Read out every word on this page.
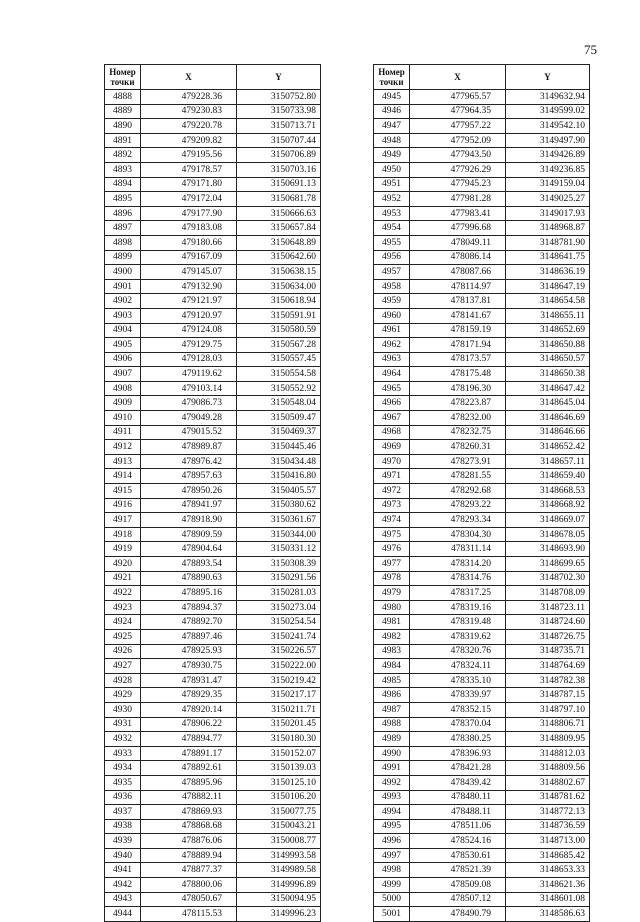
75
Номер точки	X	Y
4888	479228.36	3150752.80
4889	479230.83	3150733.98
4890	479220.78	3150713.71
4891	479209.82	3150707.44
4892	479195.56	3150706.89
4893	479178.57	3150703.16
4894	479171.80	3150691.13
4895	479172.04	3150681.78
4896	479177.90	3150666.63
4897	479183.08	3150657.84
4898	479180.66	3150648.89
4899	479167.09	3150642.60
4900	479145.07	3150638.15
4901	479132.90	3150634.00
4902	479121.97	3150618.94
4903	479120.97	3150591.91
4904	479124.08	3150580.59
4905	479129.75	3150567.28
4906	479128.03	3150557.45
4907	479119.62	3150554.58
4908	479103.14	3150552.92
4909	479086.73	3150548.04
4910	479049.28	3150509.47
4911	479015.52	3150469.37
4912	478989.87	3150445.46
4913	478976.42	3150434.48
4914	478957.63	3150416.80
4915	478950.26	3150405.57
4916	478941.97	3150380.62
4917	478918.90	3150361.67
4918	478909.59	3150344.00
4919	478904.64	3150331.12
4920	478893.54	3150308.39
4921	478890.63	3150291.56
4922	478895.16	3150281.03
4923	478894.37	3150273.04
4924	478892.70	3150254.54
4925	478897.46	3150241.74
4926	478925.93	3150226.57
4927	478930.75	3150222.00
4928	478931.47	3150219.42
4929	478929.35	3150217.17
4930	478920.14	3150211.71
4931	478906.22	3150201.45
4932	478894.77	3150180.30
4933	478891.17	3150152.07
4934	478892.61	3150139.03
4935	478895.96	3150125.10
4936	478882.11	3150106.20
4937	478869.93	3150077.75
4938	478868.68	3150043.21
4939	478876.06	3150008.77
4940	478889.94	3149993.58
4941	478877.37	3149989.58
4942	478800.06	3149996.89
4943	478050.67	3150094.95
4944	478115.53	3149996.23
Номер точки	X	Y
4945	477965.57	3149632.94
4946	477964.35	3149599.02
4947	477957.22	3149542.10
4948	477952.09	3149497.90
4949	477943.50	3149426.89
4950	477926.29	3149236.85
4951	477945.23	3149159.04
4952	477981.28	3149025.27
4953	477983.41	3149017.93
4954	477996.68	3148968.87
4955	478049.11	3148781.90
4956	478086.14	3148641.75
4957	478087.66	3148636.19
4958	478114.97	3148647.19
4959	478137.81	3148654.58
4960	478141.67	3148655.11
4961	478159.19	3148652.69
4962	478171.94	3148650.88
4963	478173.57	3148650.57
4964	478175.48	3148650.38
4965	478196.30	3148647.42
4966	478223.87	3148645.04
4967	478232.00	3148646.69
4968	478232.75	3148646.66
4969	478260.31	3148652.42
4970	478273.91	3148657.11
4971	478281.55	3148659.40
4972	478292.68	3148668.53
4973	478293.22	3148668.92
4974	478293.34	3148669.07
4975	478304.30	3148678.05
4976	478311.14	3148693.90
4977	478314.20	3148699.65
4978	478314.76	3148702.30
4979	478317.25	3148708.09
4980	478319.16	3148723.11
4981	478319.48	3148724.60
4982	478319.62	3148726.75
4983	478320.76	3148735.71
4984	478324.11	3148764.69
4985	478335.10	3148782.38
4986	478339.97	3148787.15
4987	478352.15	3148797.10
4988	478370.04	3148806.71
4989	478380.25	3148809.95
4990	478396.93	3148812.03
4991	478421.28	3148809.56
4992	478439.42	3148802.67
4993	478480.11	3148781.62
4994	478488.11	3148772.13
4995	478511.06	3148736.59
4996	478524.16	3148713.00
4997	478530.61	3148685.42
4998	478521.39	3148653.33
4999	478509.08	3148621.36
5000	478507.12	3148601.08
5001	478490.79	3148586.63
